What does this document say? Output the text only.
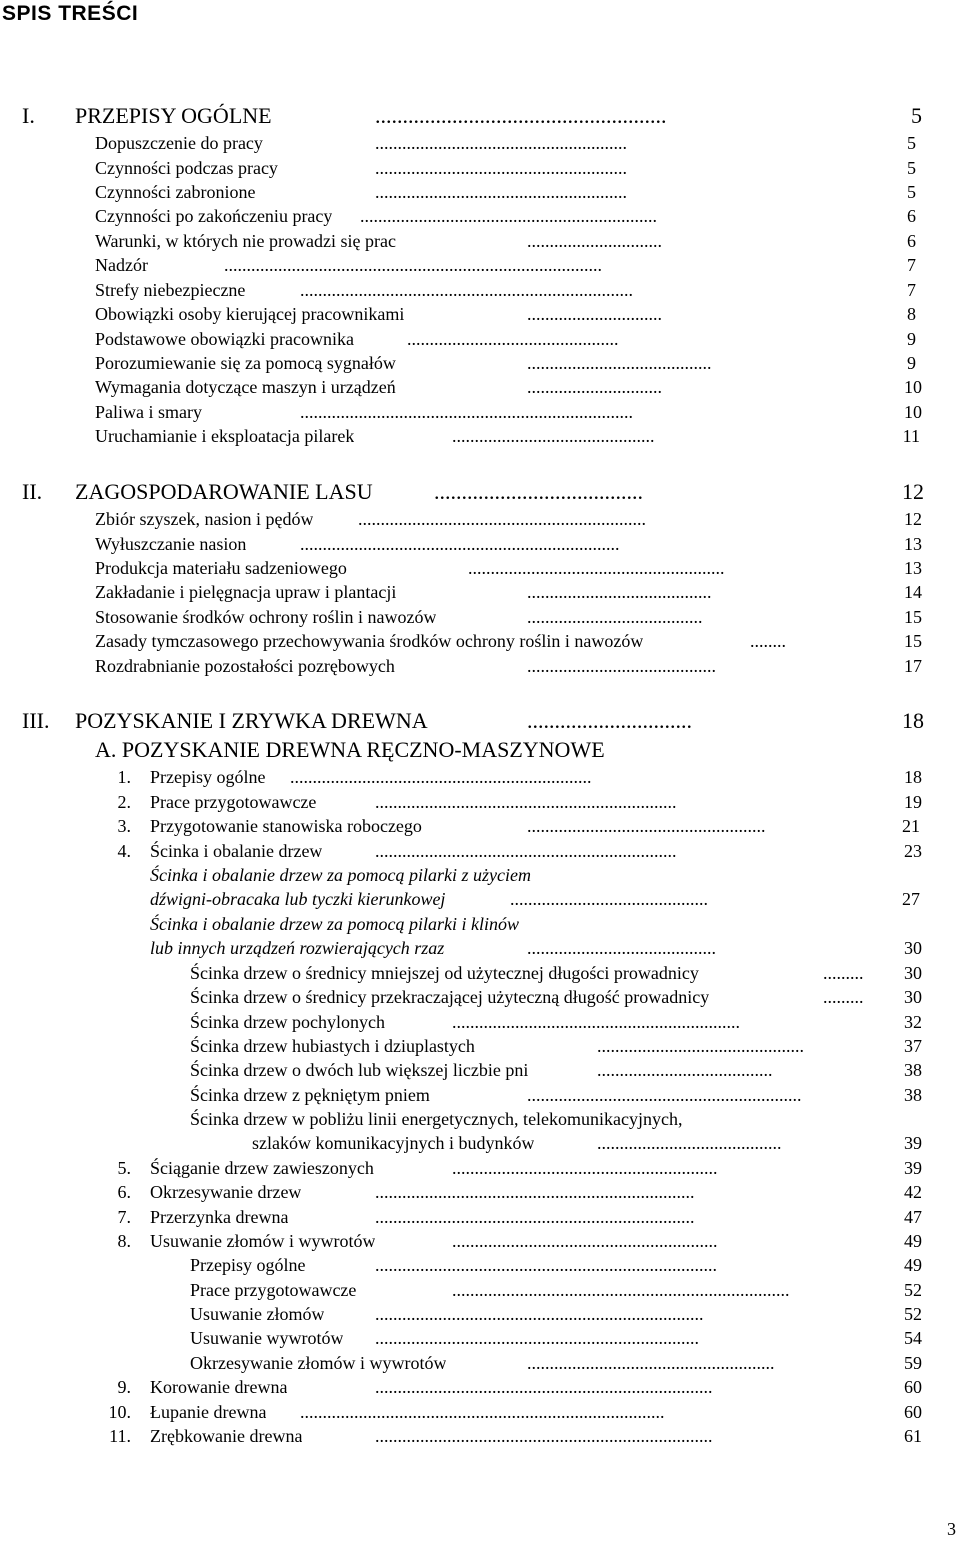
SPIS TREŚCI
I. PRZEPISY OGÓLNE	.....................................................	5
Dopuszczenie do pracy	........................................................	5
Czynności podczas pracy	........................................................	5
Czynności zabronione	........................................................	5
Czynności po zakończeniu pracy ..................................................................	6
Warunki, w których nie prowadzi się prac	..............................	6
Nadzór	....................................................................................	7
Strefy niebezpieczne	..........................................................................	7
Obowiązki osoby kierującej pracownikami	..............................	8
Podstawowe obowiązki pracownika	...............................................	9
Porozumiewanie się za pomocą sygnałów	.........................................	9
Wymagania dotyczące maszyn i urządzeń	..............................	10
Paliwa i smary	..........................................................................	10
Uruchamianie i eksploatacja pilarek	.............................................	11
II. ZAGOSPODAROWANIE LASU	......................................	12
Zbiór szyszek, nasion i pędów ................................................................	12
Wyłuszczanie nasion	.......................................................................	13
Produkcja materiału sadzeniowego	.........................................................	13
Zakładanie i pielęgnacja upraw i plantacji	.........................................	14
Stosowanie środków ochrony roślin i nawozów	.......................................	15
Zasady tymczasowego przechowywania środków ochrony roślin i nawozów	........	15
Rozdrabnianie pozostałości pozrębowych	..........................................	17
III. POZYSKANIE I ZRYWKA DREWNA	..............................	18
A. POZYSKANIE DREWNA RĘCZNO-MASZYNOWE
1. Przepisy ogólne ...................................................................	18
2. Prace przygotowawcze	...................................................................	19
3. Przygotowanie stanowiska roboczego	.....................................................	21
4. Ścinka i obalanie drzew	...................................................................	23
Ścinka i obalanie drzew za pomocą pilarki z użyciem
dźwigni-obracaka lub tyczki kierunkowej	............................................	27
Ścinka i obalanie drzew za pomocą pilarki i klinów
lub innych urządzeń rozwierających rzaz	..........................................	30
Ścinka drzew o średnicy mniejszej od użytecznej długości prowadnicy	.........	30
Ścinka drzew o średnicy przekraczającej użyteczną długość prowadnicy	.........	30
Ścinka drzew pochylonych	................................................................	32
Ścinka drzew hubiastych i dziuplastych	..............................................	37
Ścinka drzew o dwóch lub większej liczbie pni	.......................................	38
Ścinka drzew z pękniętym pniem	.............................................................	38
Ścinka drzew w pobliżu linii energetycznych, telekomunikacyjnych,
szlaków komunikacyjnych i budynków	.........................................	39
5. Ściąganie drzew zawieszonych	...........................................................	39
6. Okrzesywanie drzew	.......................................................................	42
7. Przerzynka drewna	.......................................................................	47
8. Usuwanie złomów i wywrotów	...........................................................	49
Przepisy ogólne	............................................................................	49
Prace przygotowawcze	...........................................................................	52
Usuwanie złomów	.........................................................................	52
Usuwanie wywrotów ........................................................................	54
Okrzesywanie złomów i wywrotów	.......................................................	59
9. Korowanie drewna	...........................................................................	60
10. Łupanie drewna .................................................................................	60
11. Zrębkowanie drewna	...........................................................................	61
3
